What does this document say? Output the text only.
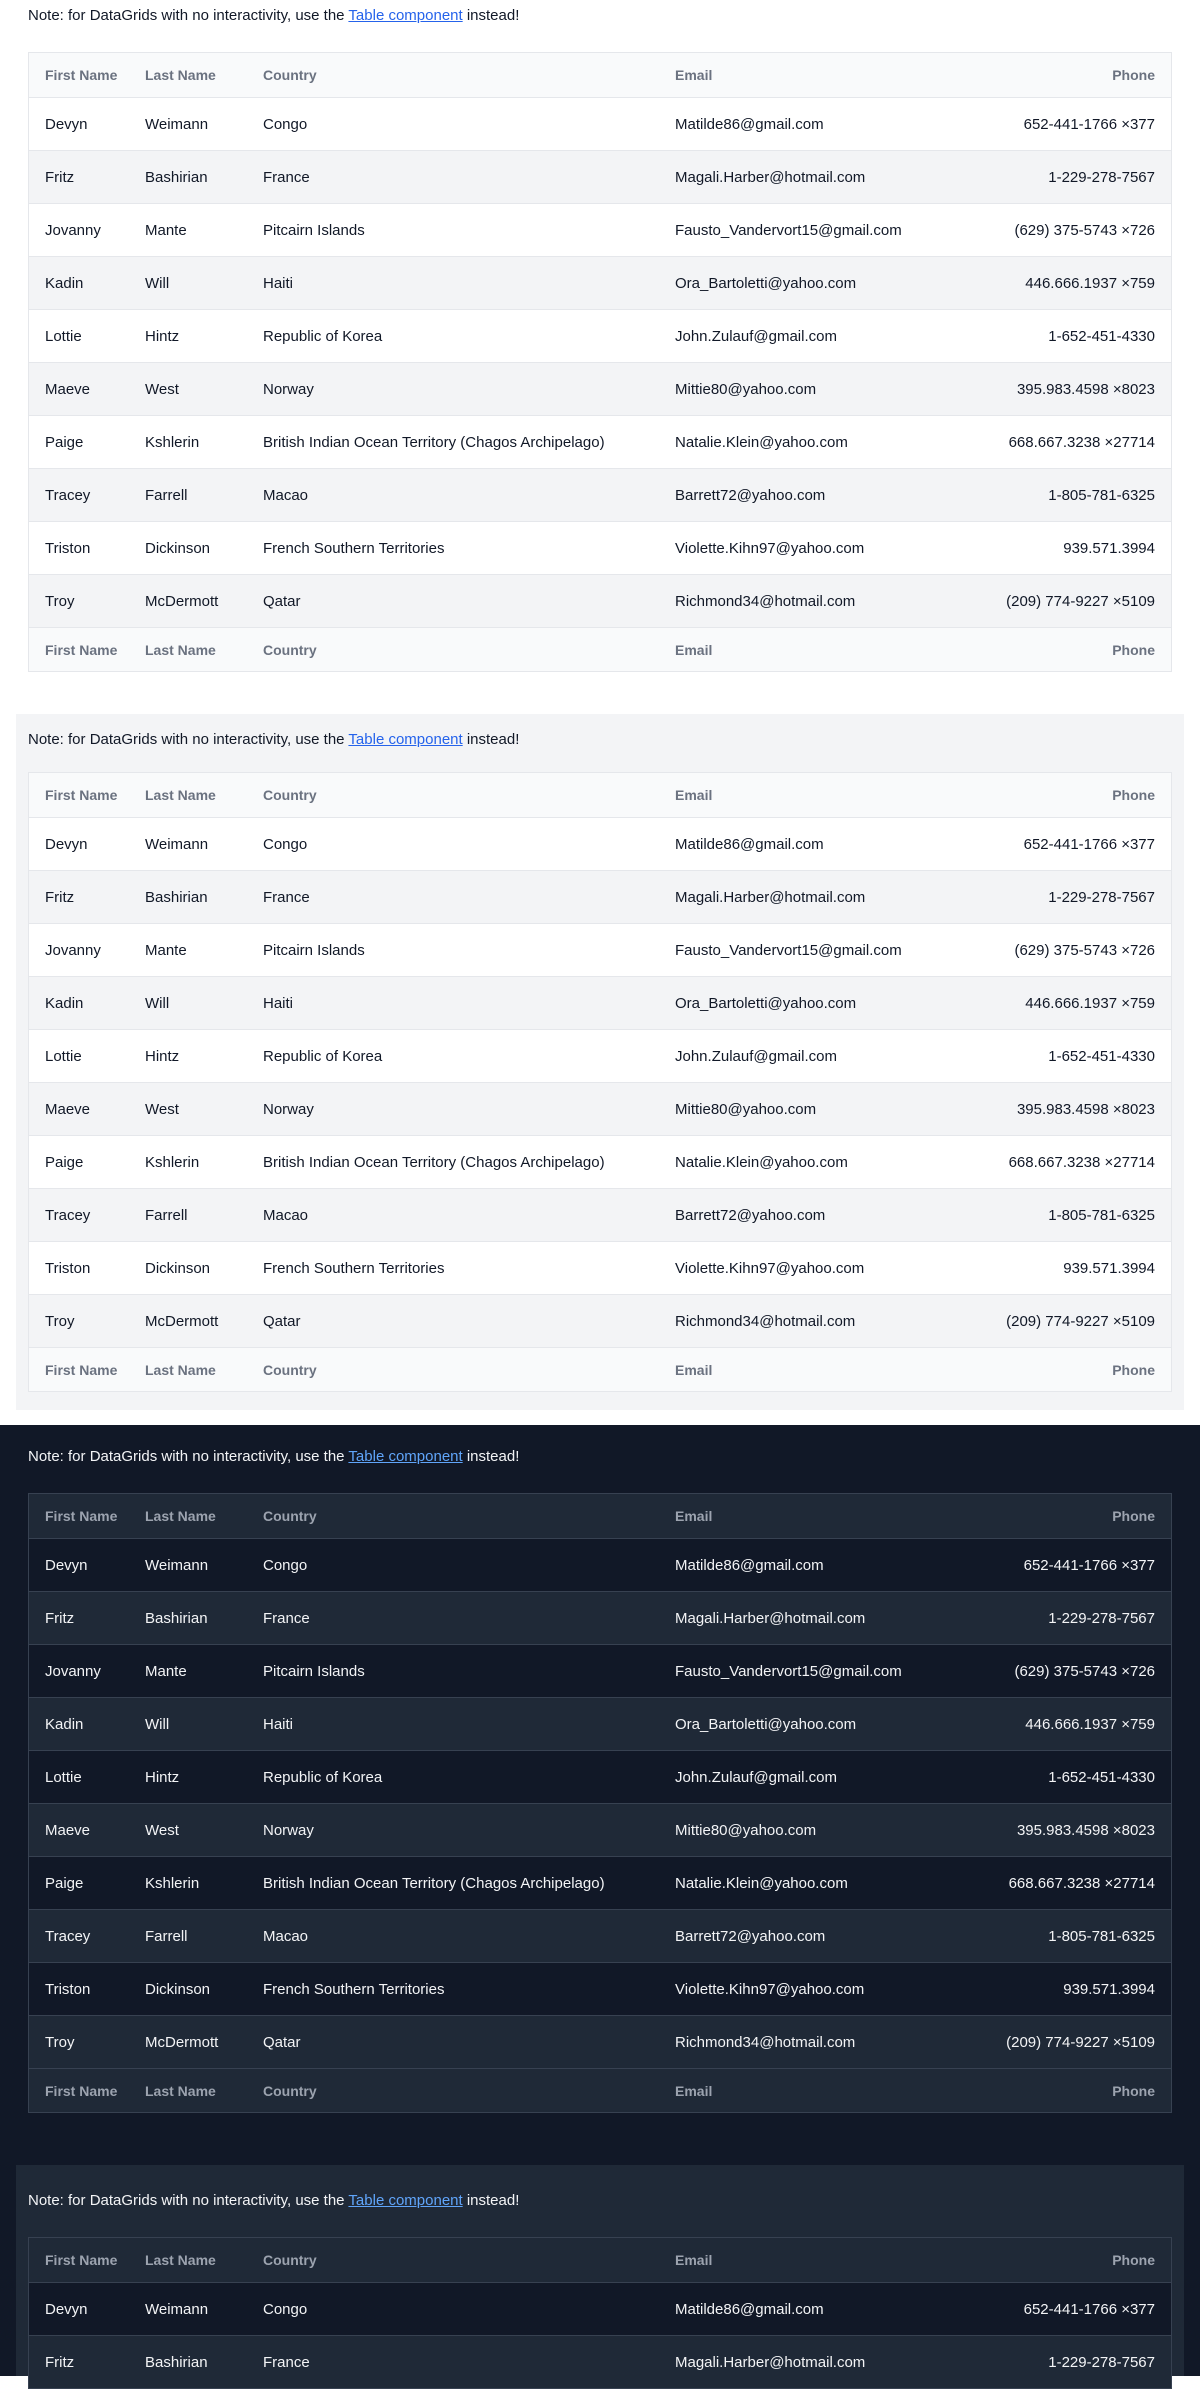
Note: for DataGrids with no interactivity, use the Table component instead!
First Name	Last Name	Country	Email	Phone
Devyn	Weimann	Congo	Matilde86@gmail.com	652-441-1766 ×377
Fritz	Bashirian	France	Magali.Harber@hotmail.com	1-229-278-7567
Jovanny	Mante	Pitcairn Islands	Fausto_Vandervort15@gmail.com	(629) 375-5743 ×726
Kadin	Will	Haiti	Ora_Bartoletti@yahoo.com	446.666.1937 ×759
Lottie	Hintz	Republic of Korea	John.Zulauf@gmail.com	1-652-451-4330
Maeve	West	Norway	Mittie80@yahoo.com	395.983.4598 ×8023
Paige	Kshlerin	British Indian Ocean Territory (Chagos Archipelago)	Natalie.Klein@yahoo.com	668.667.3238 ×27714
Tracey	Farrell	Macao	Barrett72@yahoo.com	1-805-781-6325
Triston	Dickinson	French Southern Territories	Violette.Kihn97@yahoo.com	939.571.3994
Troy	McDermott	Qatar	Richmond34@hotmail.com	(209) 774-9227 ×5109
First Name	Last Name	Country	Email	Phone
Note: for DataGrids with no interactivity, use the Table component instead!
First Name	Last Name	Country	Email	Phone
Devyn	Weimann	Congo	Matilde86@gmail.com	652-441-1766 ×377
Fritz	Bashirian	France	Magali.Harber@hotmail.com	1-229-278-7567
Jovanny	Mante	Pitcairn Islands	Fausto_Vandervort15@gmail.com	(629) 375-5743 ×726
Kadin	Will	Haiti	Ora_Bartoletti@yahoo.com	446.666.1937 ×759
Lottie	Hintz	Republic of Korea	John.Zulauf@gmail.com	1-652-451-4330
Maeve	West	Norway	Mittie80@yahoo.com	395.983.4598 ×8023
Paige	Kshlerin	British Indian Ocean Territory (Chagos Archipelago)	Natalie.Klein@yahoo.com	668.667.3238 ×27714
Tracey	Farrell	Macao	Barrett72@yahoo.com	1-805-781-6325
Triston	Dickinson	French Southern Territories	Violette.Kihn97@yahoo.com	939.571.3994
Troy	McDermott	Qatar	Richmond34@hotmail.com	(209) 774-9227 ×5109
First Name	Last Name	Country	Email	Phone
Note: for DataGrids with no interactivity, use the Table component instead!
First Name	Last Name	Country	Email	Phone
Devyn	Weimann	Congo	Matilde86@gmail.com	652-441-1766 ×377
Fritz	Bashirian	France	Magali.Harber@hotmail.com	1-229-278-7567
Jovanny	Mante	Pitcairn Islands	Fausto_Vandervort15@gmail.com	(629) 375-5743 ×726
Kadin	Will	Haiti	Ora_Bartoletti@yahoo.com	446.666.1937 ×759
Lottie	Hintz	Republic of Korea	John.Zulauf@gmail.com	1-652-451-4330
Maeve	West	Norway	Mittie80@yahoo.com	395.983.4598 ×8023
Paige	Kshlerin	British Indian Ocean Territory (Chagos Archipelago)	Natalie.Klein@yahoo.com	668.667.3238 ×27714
Tracey	Farrell	Macao	Barrett72@yahoo.com	1-805-781-6325
Triston	Dickinson	French Southern Territories	Violette.Kihn97@yahoo.com	939.571.3994
Troy	McDermott	Qatar	Richmond34@hotmail.com	(209) 774-9227 ×5109
First Name	Last Name	Country	Email	Phone
Note: for DataGrids with no interactivity, use the Table component instead!
First Name	Last Name	Country	Email	Phone
Devyn	Weimann	Congo	Matilde86@gmail.com	652-441-1766 ×377
Fritz	Bashirian	France	Magali.Harber@hotmail.com	1-229-278-7567
